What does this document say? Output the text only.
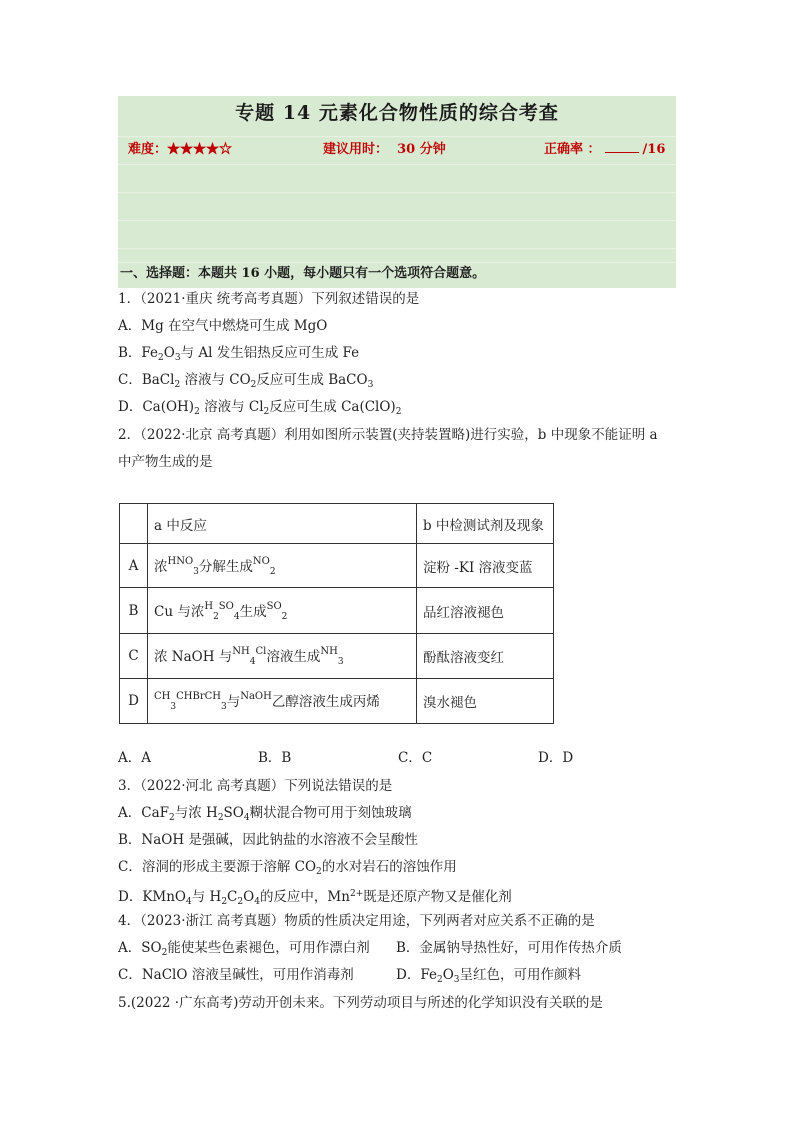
专题 14 元素化合物性质的综合考查
难度：★★★★☆	建议用时： 30 分钟	正确率 ：	/16
一、选择题：本题共 16 小题，每小题只有一个选项符合题意。
1．（2021·重庆 统考高考真题）下列叙述错误的是
A．Mg 在空气中燃烧可生成 MgO
B．$Fe_2O_3$与 Al 发生铝热反应可生成 Fe
C．BaCl$_2$ 溶液与 $CO_2$反应可生成 BaCO$_3$
D．$Ca(OH)_2$ 溶液与 $Cl_2$反应可生成 $Ca(ClO)_2$
2．（2022·北京 高考真题）利用如图所示装置(夹持装置略)进行实验，b 中现象不能证明 a
中产物生成的是
	a 中反应	b 中检测试剂及现象
A	浓$^{HNO}_3$分解生成$^{NO}_2$	淀粉 -KI 溶液变蓝
B	Cu 与浓$^H_2^{SO}_4$生成$^{SO}_2$	品红溶液褪色
C	浓 NaOH 与$^{NH}_4^{Cl}$溶液生成$^{NH}_3$	酚酞溶液变红
D	$^{CH}_3^{CHBrCH}_3$与$^{NaOH}$乙醇溶液生成丙烯	溴水褪色
A．A	B．B	C．C	D．D
3．（2022·河北 高考真题）下列说法错误的是
A．CaF$_2$与浓 $H_2SO_4$糊状混合物可用于刻蚀玻璃
B．NaOH 是强碱，因此钠盐的水溶液不会呈酸性
C．溶洞的形成主要源于溶解 $CO_2$的水对岩石的溶蚀作用
D．KMnO$_4$与 $H_2C_2O_4$的反应中，$Mn^{2+}$既是还原产物又是催化剂
4．（2023·浙江 高考真题）物质的性质决定用途，下列两者对应关系不正确的是
A．$SO_2$能使某些色素褪色，可用作漂白剂 B．金属钠导热性好，可用作传热介质
C．NaClO 溶液呈碱性，可用作消毒剂	D．$Fe_2O_3$呈红色，可用作颜料
5.(2022 ·广东高考)劳动开创未来。下列劳动项目与所述的化学知识没有关联的是
